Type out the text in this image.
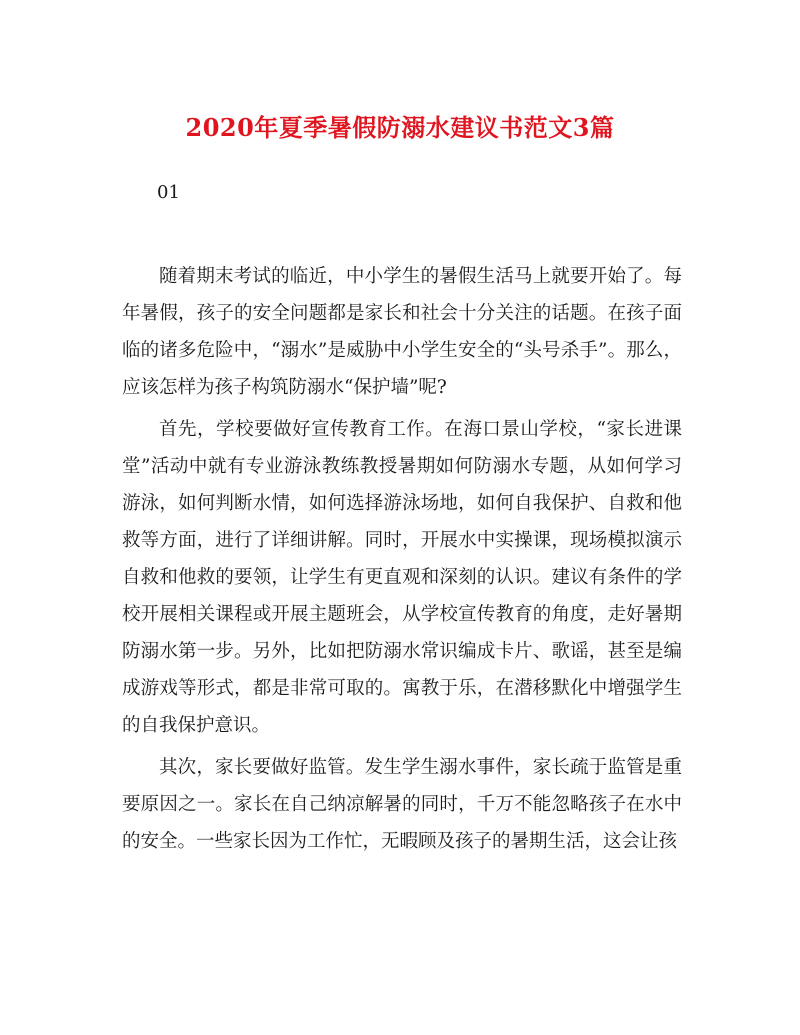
2020年夏季暑假防溺水建议书范文3篇

01

随着期末考试的临近，中小学生的暑假生活马上就要开始了。每年暑假，孩子的安全问题都是家长和社会十分关注的话题。在孩子面临的诸多危险中，“溺水”是威胁中小学生安全的“头号杀手”。那么，应该怎样为孩子构筑防溺水“保护墙”呢?

首先，学校要做好宣传教育工作。在海口景山学校，“家长进课堂”活动中就有专业游泳教练教授暑期如何防溺水专题，从如何学习游泳，如何判断水情，如何选择游泳场地，如何自我保护、自救和他救等方面，进行了详细讲解。同时，开展水中实操课，现场模拟演示自救和他救的要领，让学生有更直观和深刻的认识。建议有条件的学校开展相关课程或开展主题班会，从学校宣传教育的角度，走好暑期防溺水第一步。另外，比如把防溺水常识编成卡片、歌谣，甚至是编成游戏等形式，都是非常可取的。寓教于乐，在潜移默化中增强学生的自我保护意识。

其次，家长要做好监管。发生学生溺水事件，家长疏于监管是重要原因之一。家长在自己纳凉解暑的同时，千万不能忽略孩子在水中的安全。一些家长因为工作忙，无暇顾及孩子的暑期生活，这会让孩
